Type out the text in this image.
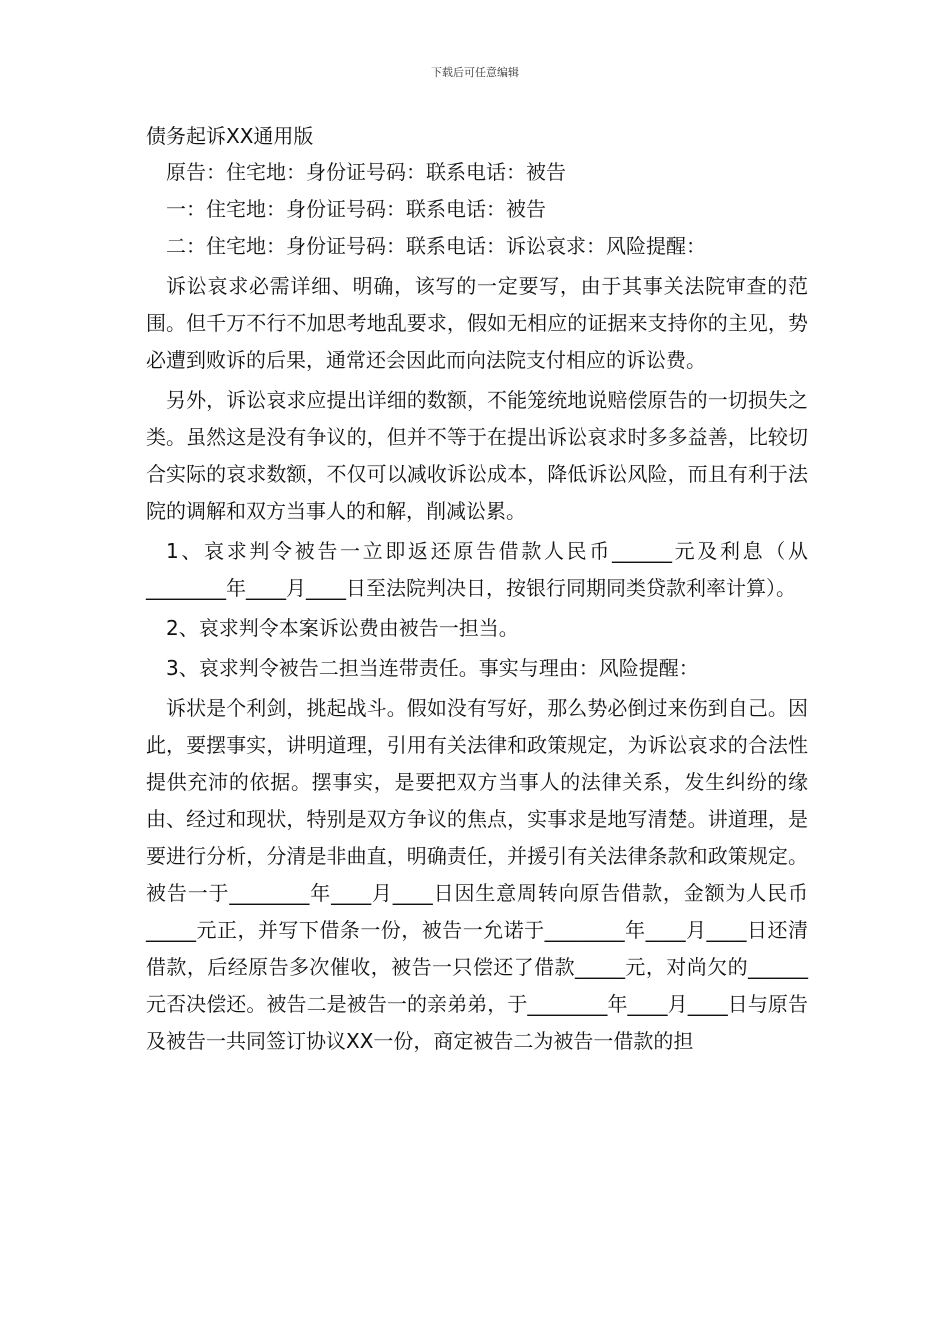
下载后可任意编辑
债务起诉XX通用版

原告：住宅地：身份证号码：联系电话：被告

一：住宅地：身份证号码：联系电话：被告

二：住宅地：身份证号码：联系电话：诉讼哀求：风险提醒：

诉讼哀求必需详细、明确，该写的一定要写，由于其事关法院审查的范围。但千万不行不加思考地乱要求，假如无相应的证据来支持你的主见，势必遭到败诉的后果，通常还会因此而向法院支付相应的诉讼费。

另外，诉讼哀求应提出详细的数额，不能笼统地说赔偿原告的一切损失之类。虽然这是没有争议的，但并不等于在提出诉讼哀求时多多益善，比较切合实际的哀求数额，不仅可以减收诉讼成本，降低诉讼风险，而且有利于法院的调解和双方当事人的和解，削减讼累。

1、哀求判令被告一立即返还原告借款人民币______元及利息（从________年____月____日至法院判决日，按银行同期同类贷款利率计算）。

2、哀求判令本案诉讼费由被告一担当。

3、哀求判令被告二担当连带责任。事实与理由：风险提醒：

诉状是个利剑，挑起战斗。假如没有写好，那么势必倒过来伤到自己。因此，要摆事实，讲明道理，引用有关法律和政策规定，为诉讼哀求的合法性提供充沛的依据。摆事实，是要把双方当事人的法律关系，发生纠纷的缘由、经过和现状，特别是双方争议的焦点，实事求是地写清楚。讲道理，是要进行分析，分清是非曲直，明确责任，并援引有关法律条款和政策规定。 被告一于________年____月____日因生意周转向原告借款，金额为人民币_____元正，并写下借条一份，被告一允诺于________年____月____日还清借款，后经原告多次催收，被告一只偿还了借款_____元，对尚欠的______元否决偿还。被告二是被告一的亲弟弟，于________年____月____日与原告及被告一共同签订协议XX一份，商定被告二为被告一借款的担
